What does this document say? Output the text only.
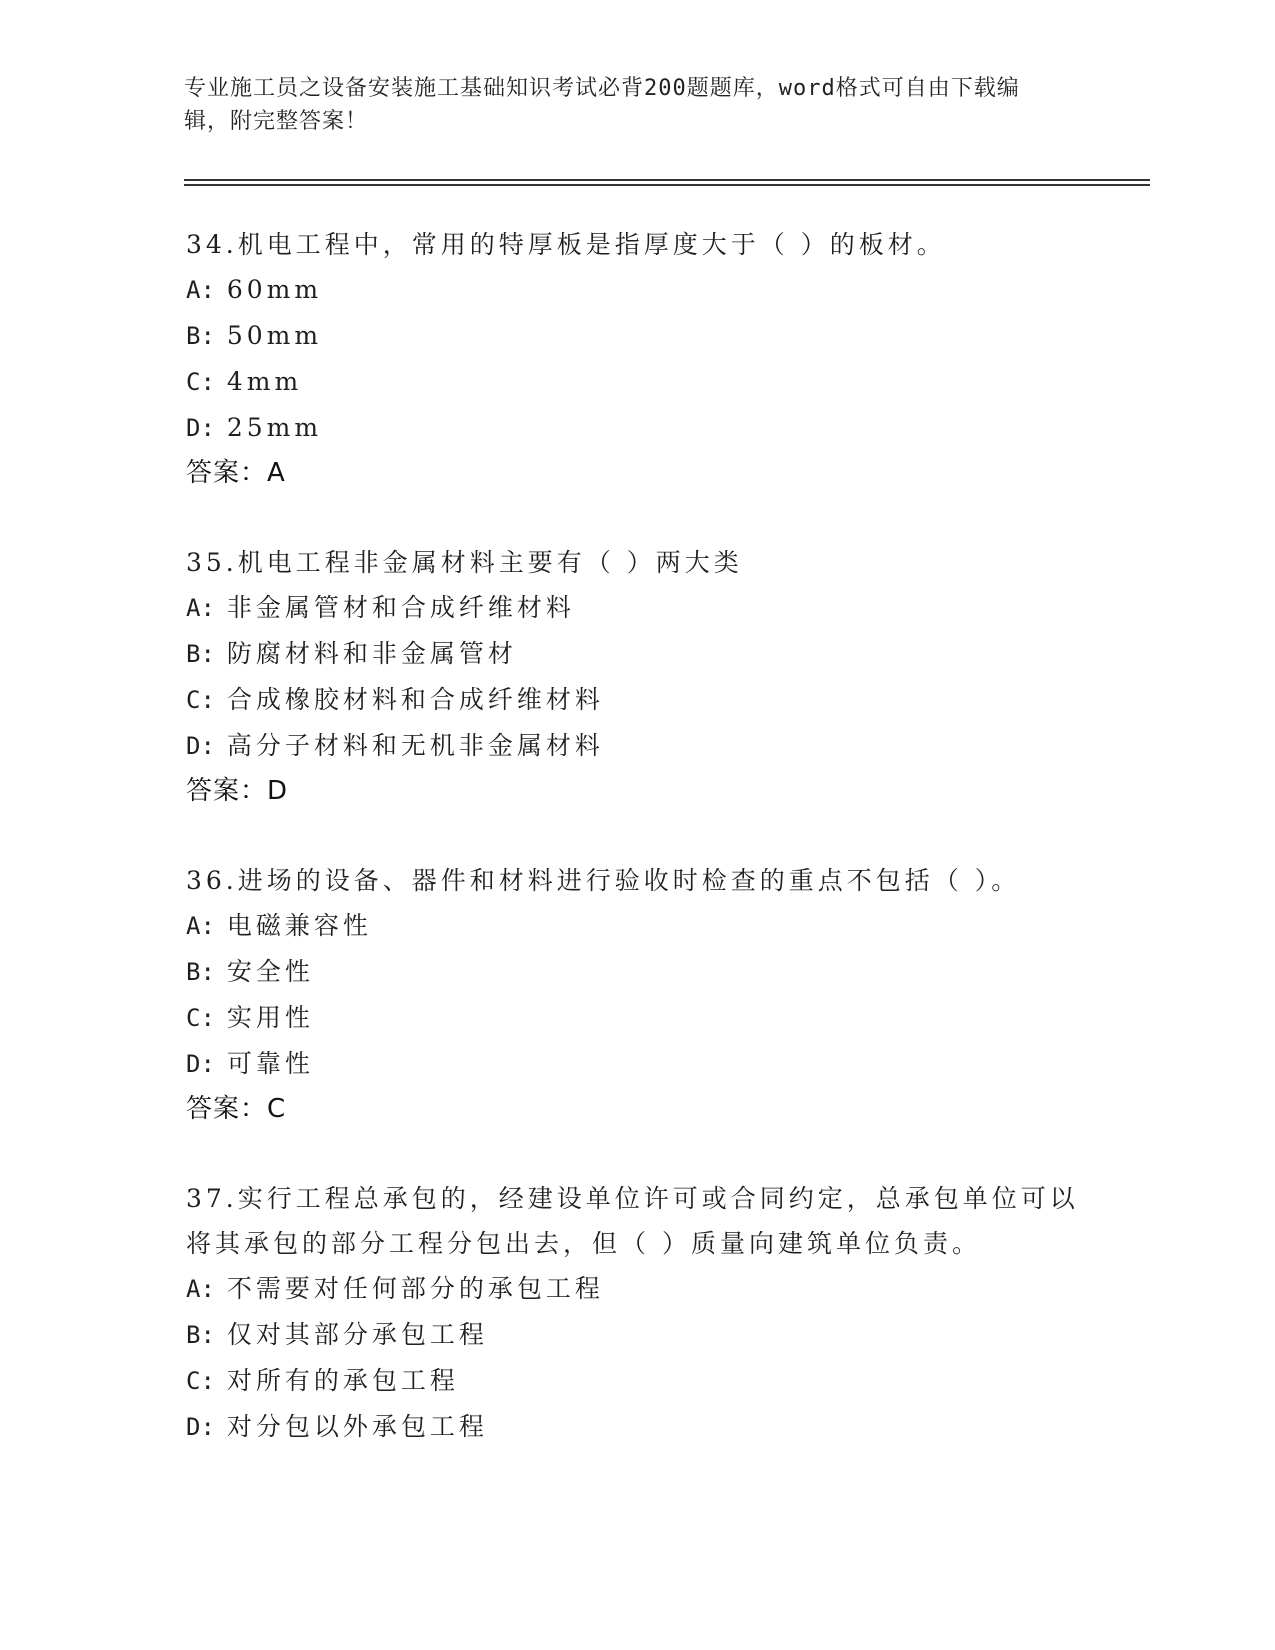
专业施工员之设备安装施工基础知识考试必背200题题库，word格式可自由下载编辑，附完整答案！
34.机电工程中，常用的特厚板是指厚度大于（ ）的板材。
A: 60mm
B: 50mm
C: 4mm
D: 25mm
答案：A
35.机电工程非金属材料主要有（ ）两大类
A: 非金属管材和合成纤维材料
B: 防腐材料和非金属管材
C: 合成橡胶材料和合成纤维材料
D: 高分子材料和无机非金属材料
答案：D
36.进场的设备、器件和材料进行验收时检查的重点不包括（ ）。
A: 电磁兼容性
B: 安全性
C: 实用性
D: 可靠性
答案：C
37.实行工程总承包的，经建设单位许可或合同约定，总承包单位可以将其承包的部分工程分包出去，但（ ）质量向建筑单位负责。
A: 不需要对任何部分的承包工程
B: 仅对其部分承包工程
C: 对所有的承包工程
D: 对分包以外承包工程
